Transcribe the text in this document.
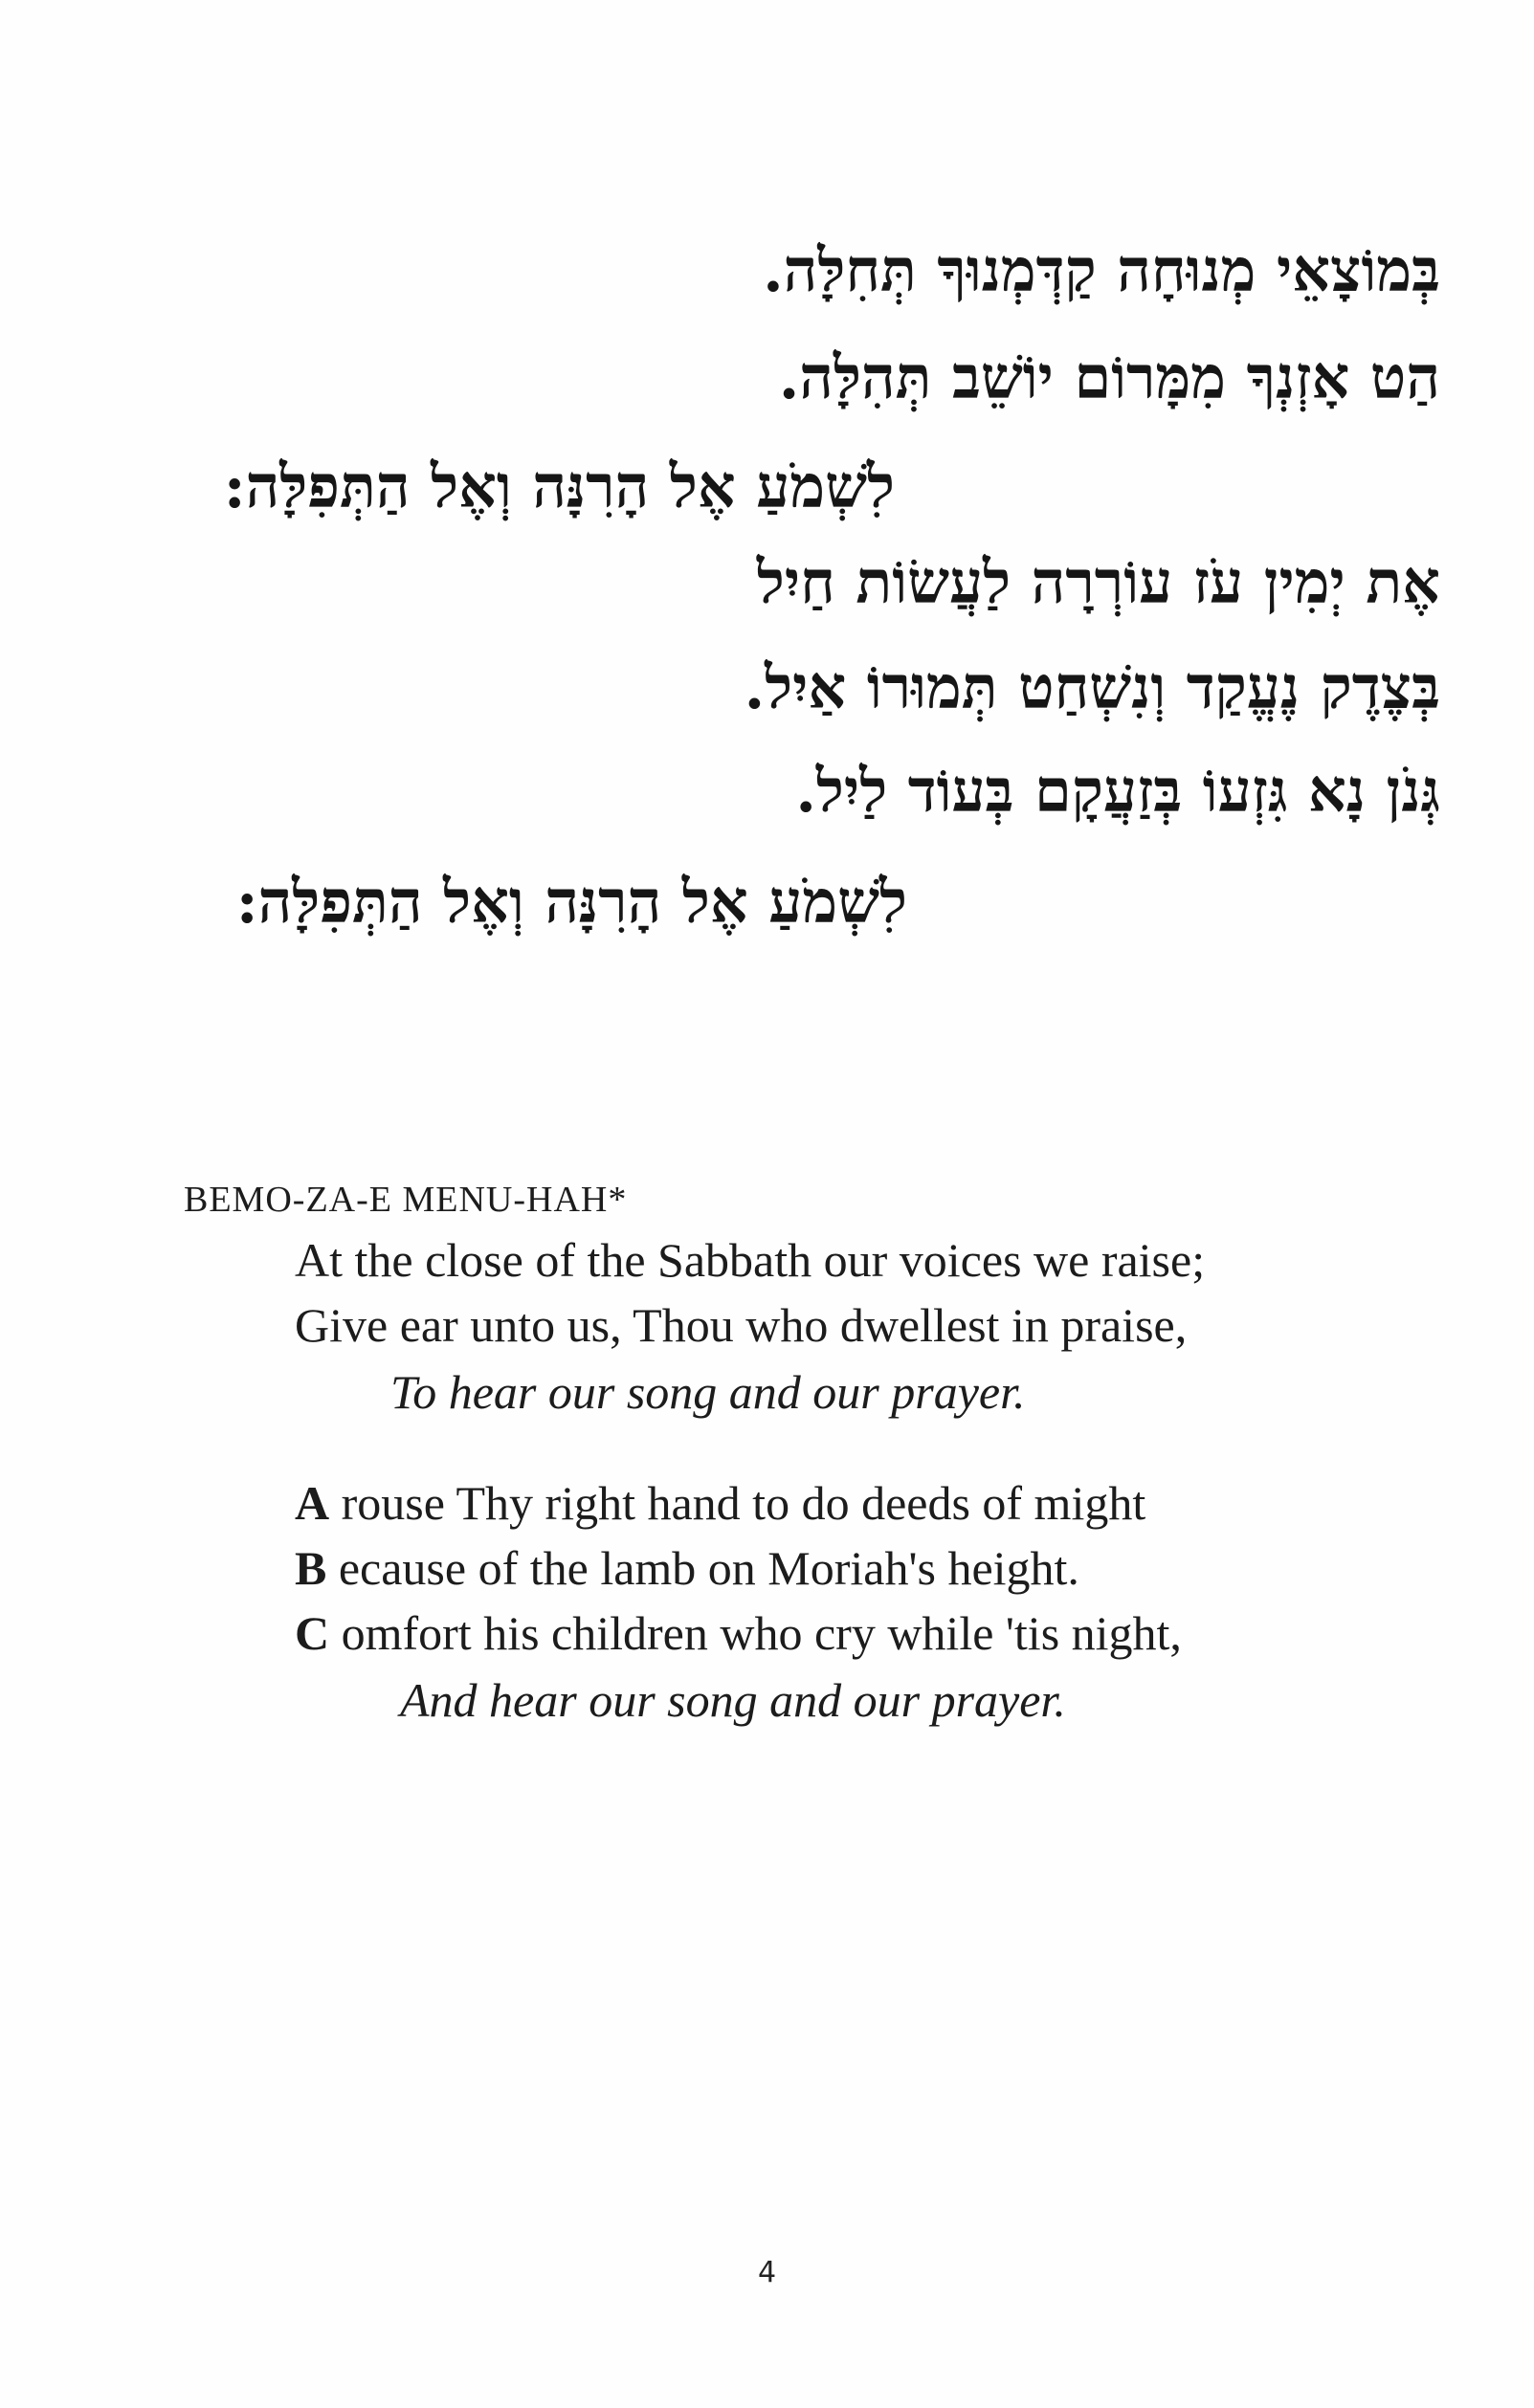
בְּמוֹצָאֵי מְנוּחָה קַדְּמְנוּךָ תְּחִלָּה.
הַט אָזְנְךָ מִמָּרוֹם יוֹשֵׁב תְּהִלָּה.
לִשְׁמֹעַ אֶל הָרִנָּה וְאֶל הַתְּפִלָּה:
אֶת יְמִין עֹז עוֹרְרָה לַעֲשׂוֹת חַיִל
בְּצֶדֶק נֶעֱקַד וְנִשְׁחַט תְּמוּרוֹ אַיִל.
גְּנֹן נָא גִּזְעוֹ בְּזַעֲקָם בְּעוֹד לַיִל.
לִשְׁמֹעַ אֶל הָרִנָּה וְאֶל הַתְּפִלָּה:
BEMO-ZA-E MENU-HAH*
At the close of the Sabbath our voices we raise;
Give ear unto us, Thou who dwellest in praise,
To hear our song and our prayer.
A rouse Thy right hand to do deeds of might
B ecause of the lamb on Moriah's height.
C omfort his children who cry while 'tis night,
And hear our song and our prayer.
4
